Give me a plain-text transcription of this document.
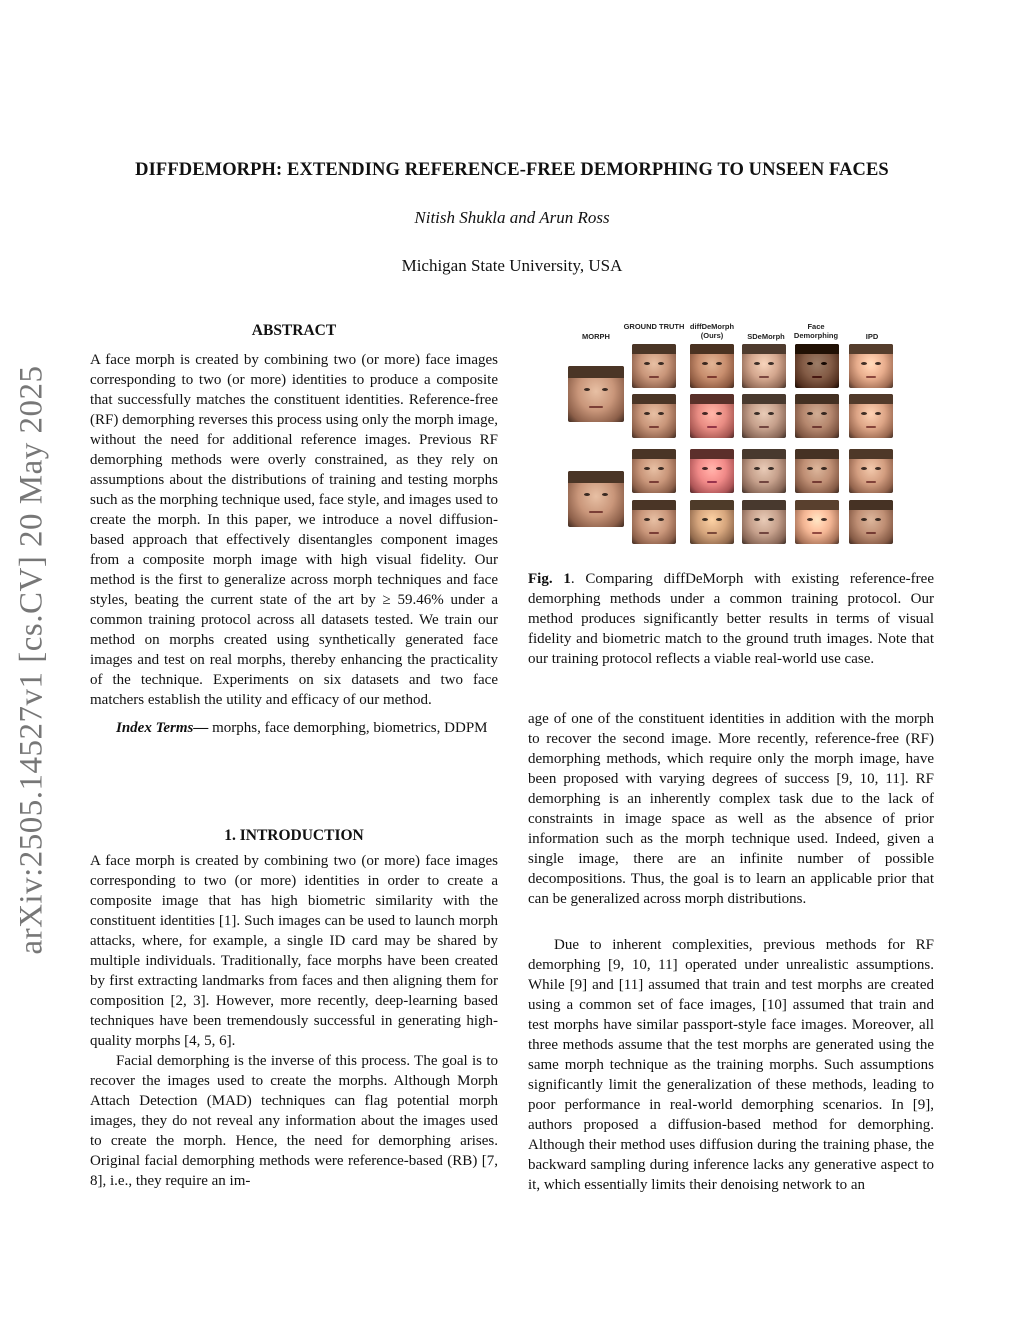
arXiv:2505.14527v1 [cs.CV] 20 May 2025
DIFFDEMORPH: EXTENDING REFERENCE-FREE DEMORPHING TO UNSEEN FACES
Nitish Shukla and Arun Ross
Michigan State University, USA
ABSTRACT

A face morph is created by combining two (or more) face images corresponding to two (or more) identities to produce a composite that successfully matches the constituent identities. Reference-free (RF) demorphing reverses this process using only the morph image, without the need for additional reference images. Previous RF demorphing methods were overly constrained, as they rely on assumptions about the distributions of training and testing morphs such as the morphing technique used, face style, and images used to create the morph. In this paper, we introduce a novel diffusion-based approach that effectively disentangles component images from a composite morph image with high visual fidelity. Our method is the first to generalize across morph techniques and face styles, beating the current state of the art by ≥ 59.46% under a common training protocol across all datasets tested. We train our method on morphs created using synthetically generated face images and test on real morphs, thereby enhancing the practicality of the technique. Experiments on six datasets and two face matchers establish the utility and efficacy of our method.

Index Terms— morphs, face demorphing, biometrics, DDPM

1. INTRODUCTION

A face morph is created by combining two (or more) face images corresponding to two (or more) identities in order to create a composite image that has high biometric similarity with the constituent identities [1]. Such images can be used to launch morph attacks, where, for example, a single ID card may be shared by multiple individuals. Traditionally, face morphs have been created by first extracting landmarks from faces and then aligning them for composition [2, 3]. However, more recently, deep-learning based techniques have been tremendously successful in generating high-quality morphs [4, 5, 6].

Facial demorphing is the inverse of this process. The goal is to recover the images used to create the morphs. Although Morph Attach Detection (MAD) techniques can flag potential morph images, they do not reveal any information about the images used to create the morph. Hence, the need for demorphing arises. Original facial demorphing methods were reference-based (RB) [7, 8], i.e., they require an im-

MORPH
GROUND TRUTH diffDeMorph (Ours)	SDeMorph
Face Demorphing	IPD

Fig. 1. Comparing diffDeMorph with existing reference-free demorphing methods under a common training protocol. Our method produces significantly better results in terms of visual fidelity and biometric match to the ground truth images. Note that our training protocol reflects a viable real-world use case.

age of one of the constituent identities in addition with the morph to recover the second image. More recently, reference-free (RF) demorphing methods, which require only the morph image, have been proposed with varying degrees of success [9, 10, 11]. RF demorphing is an inherently complex task due to the lack of constraints in image space as well as the absence of prior information such as the morph technique used. Indeed, given a single image, there are an infinite number of possible decompositions. Thus, the goal is to learn an applicable prior that can be generalized across morph distributions.

Due to inherent complexities, previous methods for RF demorphing [9, 10, 11] operated under unrealistic assumptions. While [9] and [11] assumed that train and test morphs are created using a common set of face images, [10] assumed that train and test morphs have similar passport-style face images. Moreover, all three methods assume that the test morphs are generated using the same morph technique as the training morphs. Such assumptions significantly limit the generalization of these methods, leading to poor performance in real-world demorphing scenarios. In [9], authors proposed a diffusion-based method for demorphing. Although their method uses diffusion during the training phase, the backward sampling during inference lacks any generative aspect to it, which essentially limits their denoising network to an
